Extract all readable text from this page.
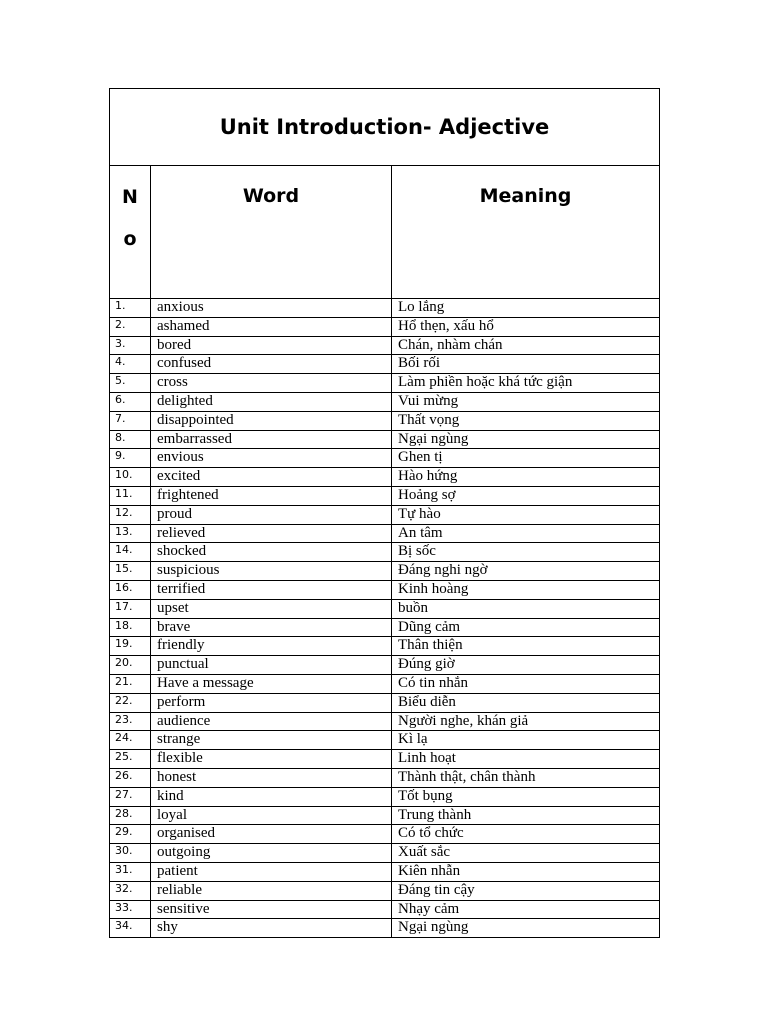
Unit Introduction- Adjective		

N
o	Word	Meaning
1.	anxious	Lo lắng
2.	ashamed	Hổ thẹn, xấu hổ
3.	bored	Chán, nhàm chán
4.	confused	Bối rối
5.	cross	Làm phiền hoặc khá tức giận
6.	delighted	Vui mừng
7.	disappointed	Thất vọng
8.	embarrassed	Ngại ngùng
9.	envious	Ghen tị
10.	excited	Hào hứng
11.	frightened	Hoảng sợ
12.	proud	Tự hào
13.	relieved	An tâm
14.	shocked	Bị sốc
15.	suspicious	Đáng nghi ngờ
16.	terrified	Kinh hoàng
17.	upset	buồn
18.	brave	Dũng cảm
19.	friendly	Thân thiện
20.	punctual	Đúng giờ
21.	Have a message	Có tin nhắn
22.	perform	Biểu diễn
23.	audience	Người nghe, khán giả
24.	strange	Kì lạ
25.	flexible	Linh hoạt
26.	honest	Thành thật, chân thành
27.	kind	Tốt bụng
28.	loyal	Trung thành
29.	organised	Có tổ chức
30.	outgoing	Xuất sắc
31.	patient	Kiên nhẫn
32.	reliable	Đáng tin cậy
33.	sensitive	Nhạy cảm
34.	shy	Ngại ngùng
